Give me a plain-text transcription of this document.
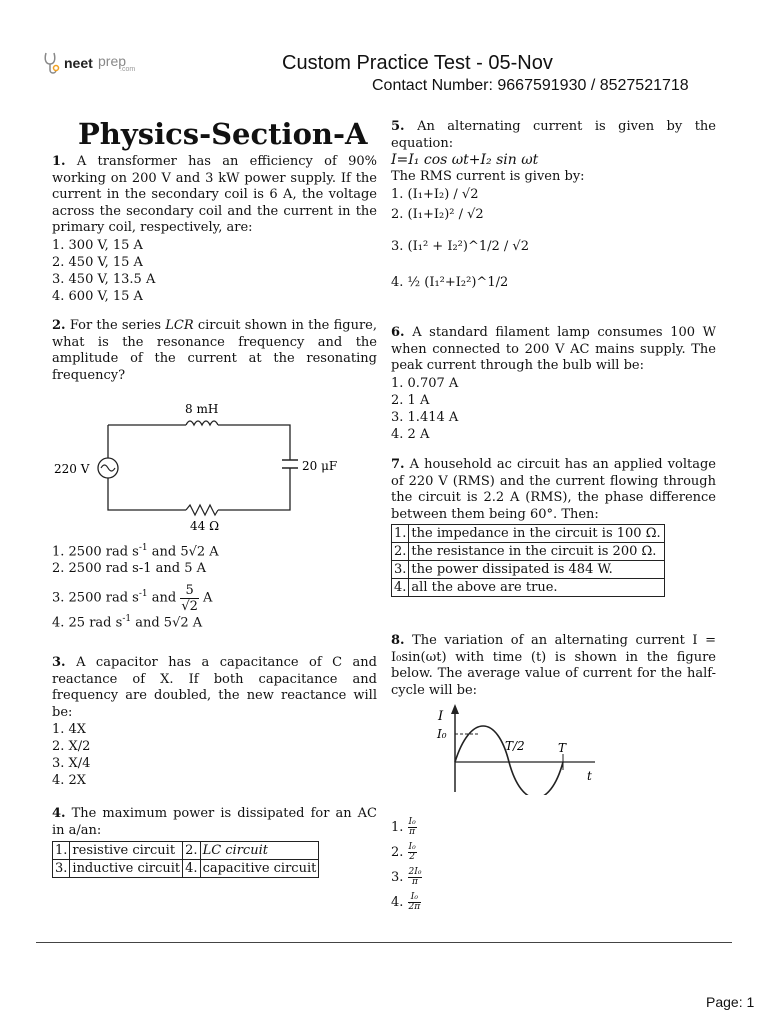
neet prep
.com	Custom Practice Test - 05-Nov
Contact Number: 9667591930 / 8527521718
Physics-Section-A

1. A transformer has an efficiency of 90% working on 200 V and 3 kW power supply. If the current in the secondary coil is 6 A, the voltage across the secondary coil and the current in the primary coil, respectively, are:

1. 300 V, 15 A

2. 450 V, 15 A

3. 450 V, 13.5 A

4. 600 V, 15 A

2. For the series LCR circuit shown in the figure, what is the resonance frequency and the amplitude of the current at the resonating frequency?

8 mH
220 V	20 μF
44 Ω

1. 2500 rad $s^{-1}$ and 5√2 A

2. 2500 rad s-1 and 5 A

3. 2500 rad $s^{-1}$ and $\frac{5}{√2}$ A

4. 25 rad $s^{-1}$ and 5√2 A

3. A capacitor has a capacitance of C and reactance of X. If both capacitance and frequency are doubled, the new reactance will be:

1. 4X

2. X/2

3. X/4

4. 2X

4. The maximum power is dissipated for an AC in a/an:

1.	resistive circuit	2.	LC circuit
3.	inductive circuit	4.	capacitive circuit

5. An alternating current is given by the equation:

I=I₁ cos ωt+I₂ sin ωt

The RMS current is given by:

1. (I₁+I₂) / √2

2. (I₁+I₂)² / √2

3. (I₁² + I₂²)^1/2 / √2

4. ½ (I₁²+I₂²)^1/2

6. A standard filament lamp consumes 100 W when connected to 200 V AC mains supply. The peak current through the bulb will be:

1. 0.707 A

2. 1 A

3. 1.414 A

4. 2 A

7. A household ac circuit has an applied voltage of 220 V (RMS) and the current flowing through the circuit is 2.2 A (RMS), the phase difference between them being 60°. Then:

1.	the impedance in the circuit is 100 Ω.
2.	the resistance in the circuit is 200 Ω.
3.	the power dissipated is 484 W.
4.	all the above are true.

8. The variation of an alternating current I = I₀sin(ωt) with time (t) is shown in the figure below. The average value of current for the half-cycle will be:

I
I₀
T/2	T
t
1. $\frac{\text{I₀}}{\pi}$
2. $\frac{\text{I₀}}{2}$
3. $\frac{\text{2I₀}}{\pi}$
4. $\frac{\text{I₀}}{2\pi}$
Page: 1
